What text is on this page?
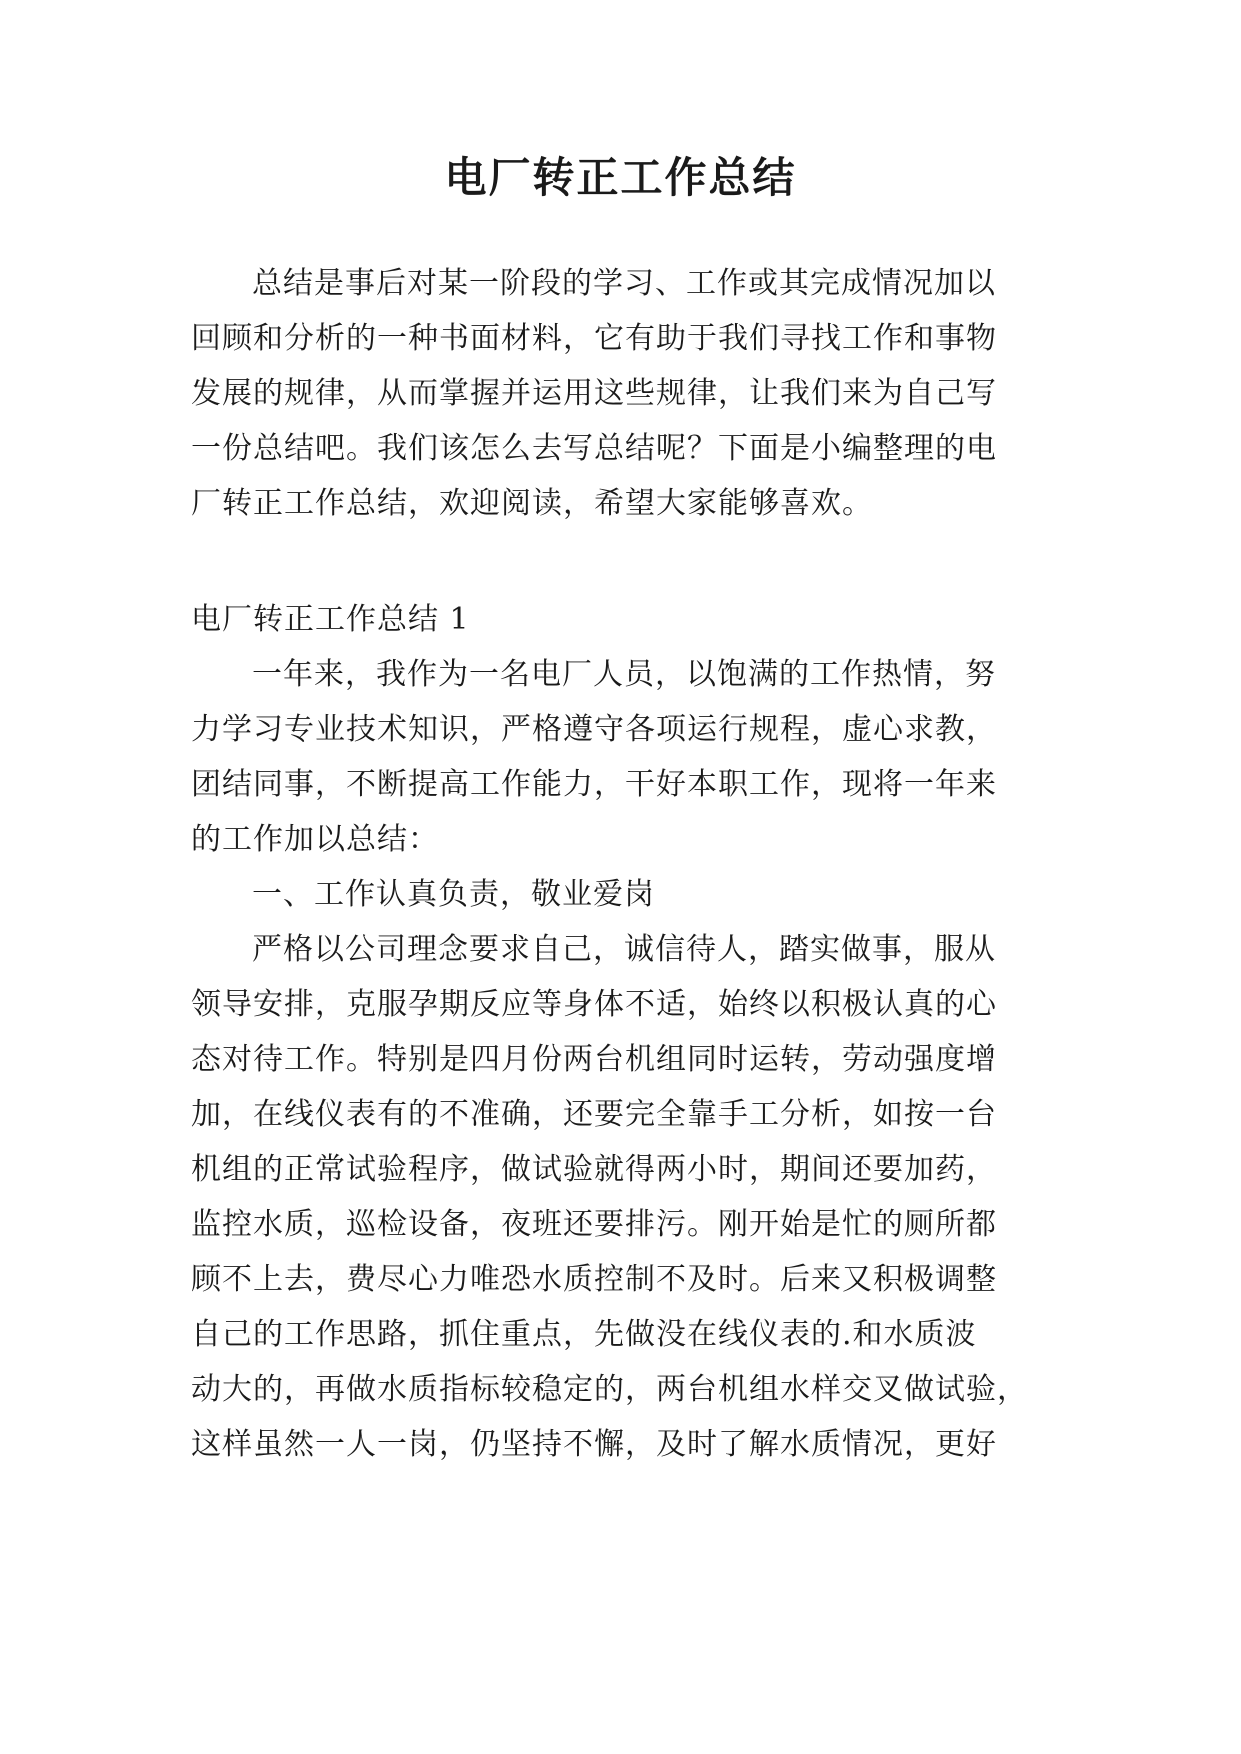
电厂转正工作总结
总结是事后对某一阶段的学习、工作或其完成情况加以
回顾和分析的一种书面材料，它有助于我们寻找工作和事物
发展的规律，从而掌握并运用这些规律，让我们来为自己写
一份总结吧。我们该怎么去写总结呢？下面是小编整理的电
厂转正工作总结，欢迎阅读，希望大家能够喜欢。
电厂转正工作总结 1
一年来，我作为一名电厂人员，以饱满的工作热情，努
力学习专业技术知识，严格遵守各项运行规程，虚心求教，
团结同事，不断提高工作能力，干好本职工作，现将一年来
的工作加以总结：
一、工作认真负责，敬业爱岗
严格以公司理念要求自己，诚信待人，踏实做事，服从
领导安排，克服孕期反应等身体不适，始终以积极认真的心
态对待工作。特别是四月份两台机组同时运转，劳动强度增
加，在线仪表有的不准确，还要完全靠手工分析，如按一台
机组的正常试验程序，做试验就得两小时，期间还要加药，
监控水质，巡检设备，夜班还要排污。刚开始是忙的厕所都
顾不上去，费尽心力唯恐水质控制不及时。后来又积极调整
自己的工作思路，抓住重点，先做没在线仪表的.和水质波
动大的，再做水质指标较稳定的，两台机组水样交叉做试验，
这样虽然一人一岗，仍坚持不懈，及时了解水质情况，更好
